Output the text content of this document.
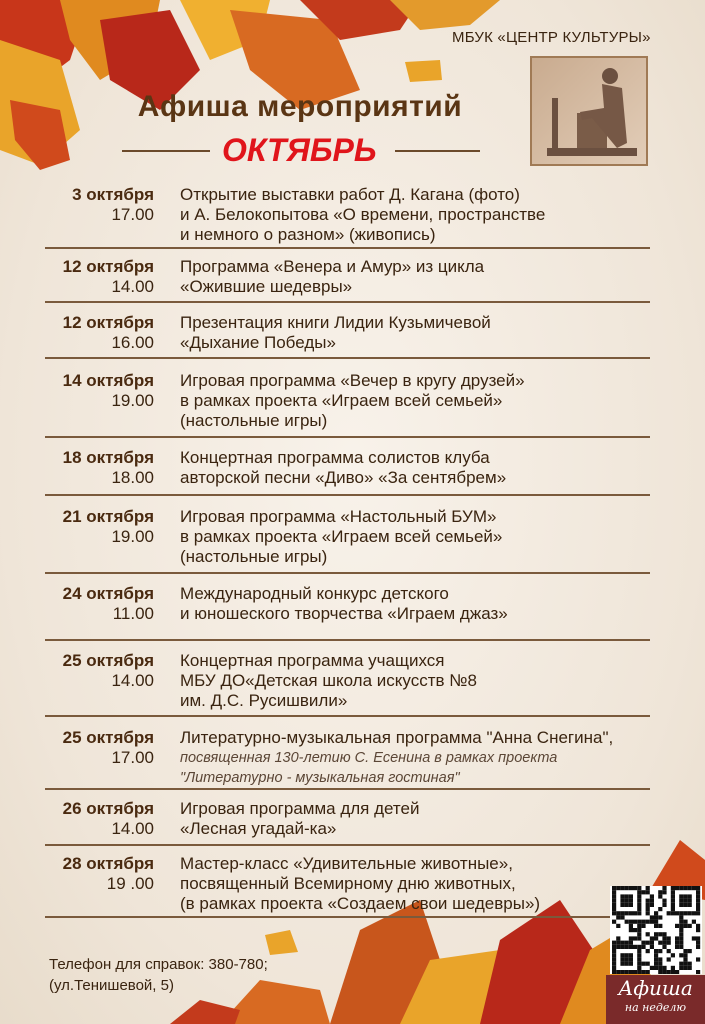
МБУК «ЦЕНТР КУЛЬТУРЫ»
Афиша мероприятий
ОКТЯБРЬ
3 октября
17.00
Открытие выставки работ Д. Кагана (фото)
и А. Белокопытова «О времени, пространстве
и немного о разном» (живопись)
12 октября
14.00
Программа «Венера и Амур» из цикла
«Ожившие шедевры»
12 октября
16.00
Презентация книги Лидии Кузьмичевой
«Дыхание Победы»
14 октября
19.00
Игровая программа «Вечер в кругу друзей»
в рамках проекта «Играем всей семьей»
(настольные игры)
18 октября
18.00
Концертная программа солистов клуба
авторской песни «Диво» «За сентябрем»
21 октября
19.00
Игровая программа «Настольный БУМ»
в рамках проекта «Играем всей семьей»
(настольные игры)
24 октября
11.00
Международный конкурс детского
и юношеского творчества «Играем джаз»
25 октября
14.00
Концертная программа учащихся
МБУ ДО«Детская школа искусств №8
им. Д.С. Русишвили»
25 октября
17.00
Литературно-музыкальная программа "Анна Снегина",
посвященная 130-летию С. Есенина в рамках проекта
"Литературно - музыкальная гостиная"
26 октября
14.00
Игровая программа для детей
«Лесная угадай-ка»
28 октября
19 .00
Мастер-класс «Удивительные животные»,
посвященный Всемирному дню животных,
(в рамках проекта «Создаем свои шедевры»)
Телефон для справок: 380-780;
(ул.Тенишевой, 5)	Афиша
на неделю
